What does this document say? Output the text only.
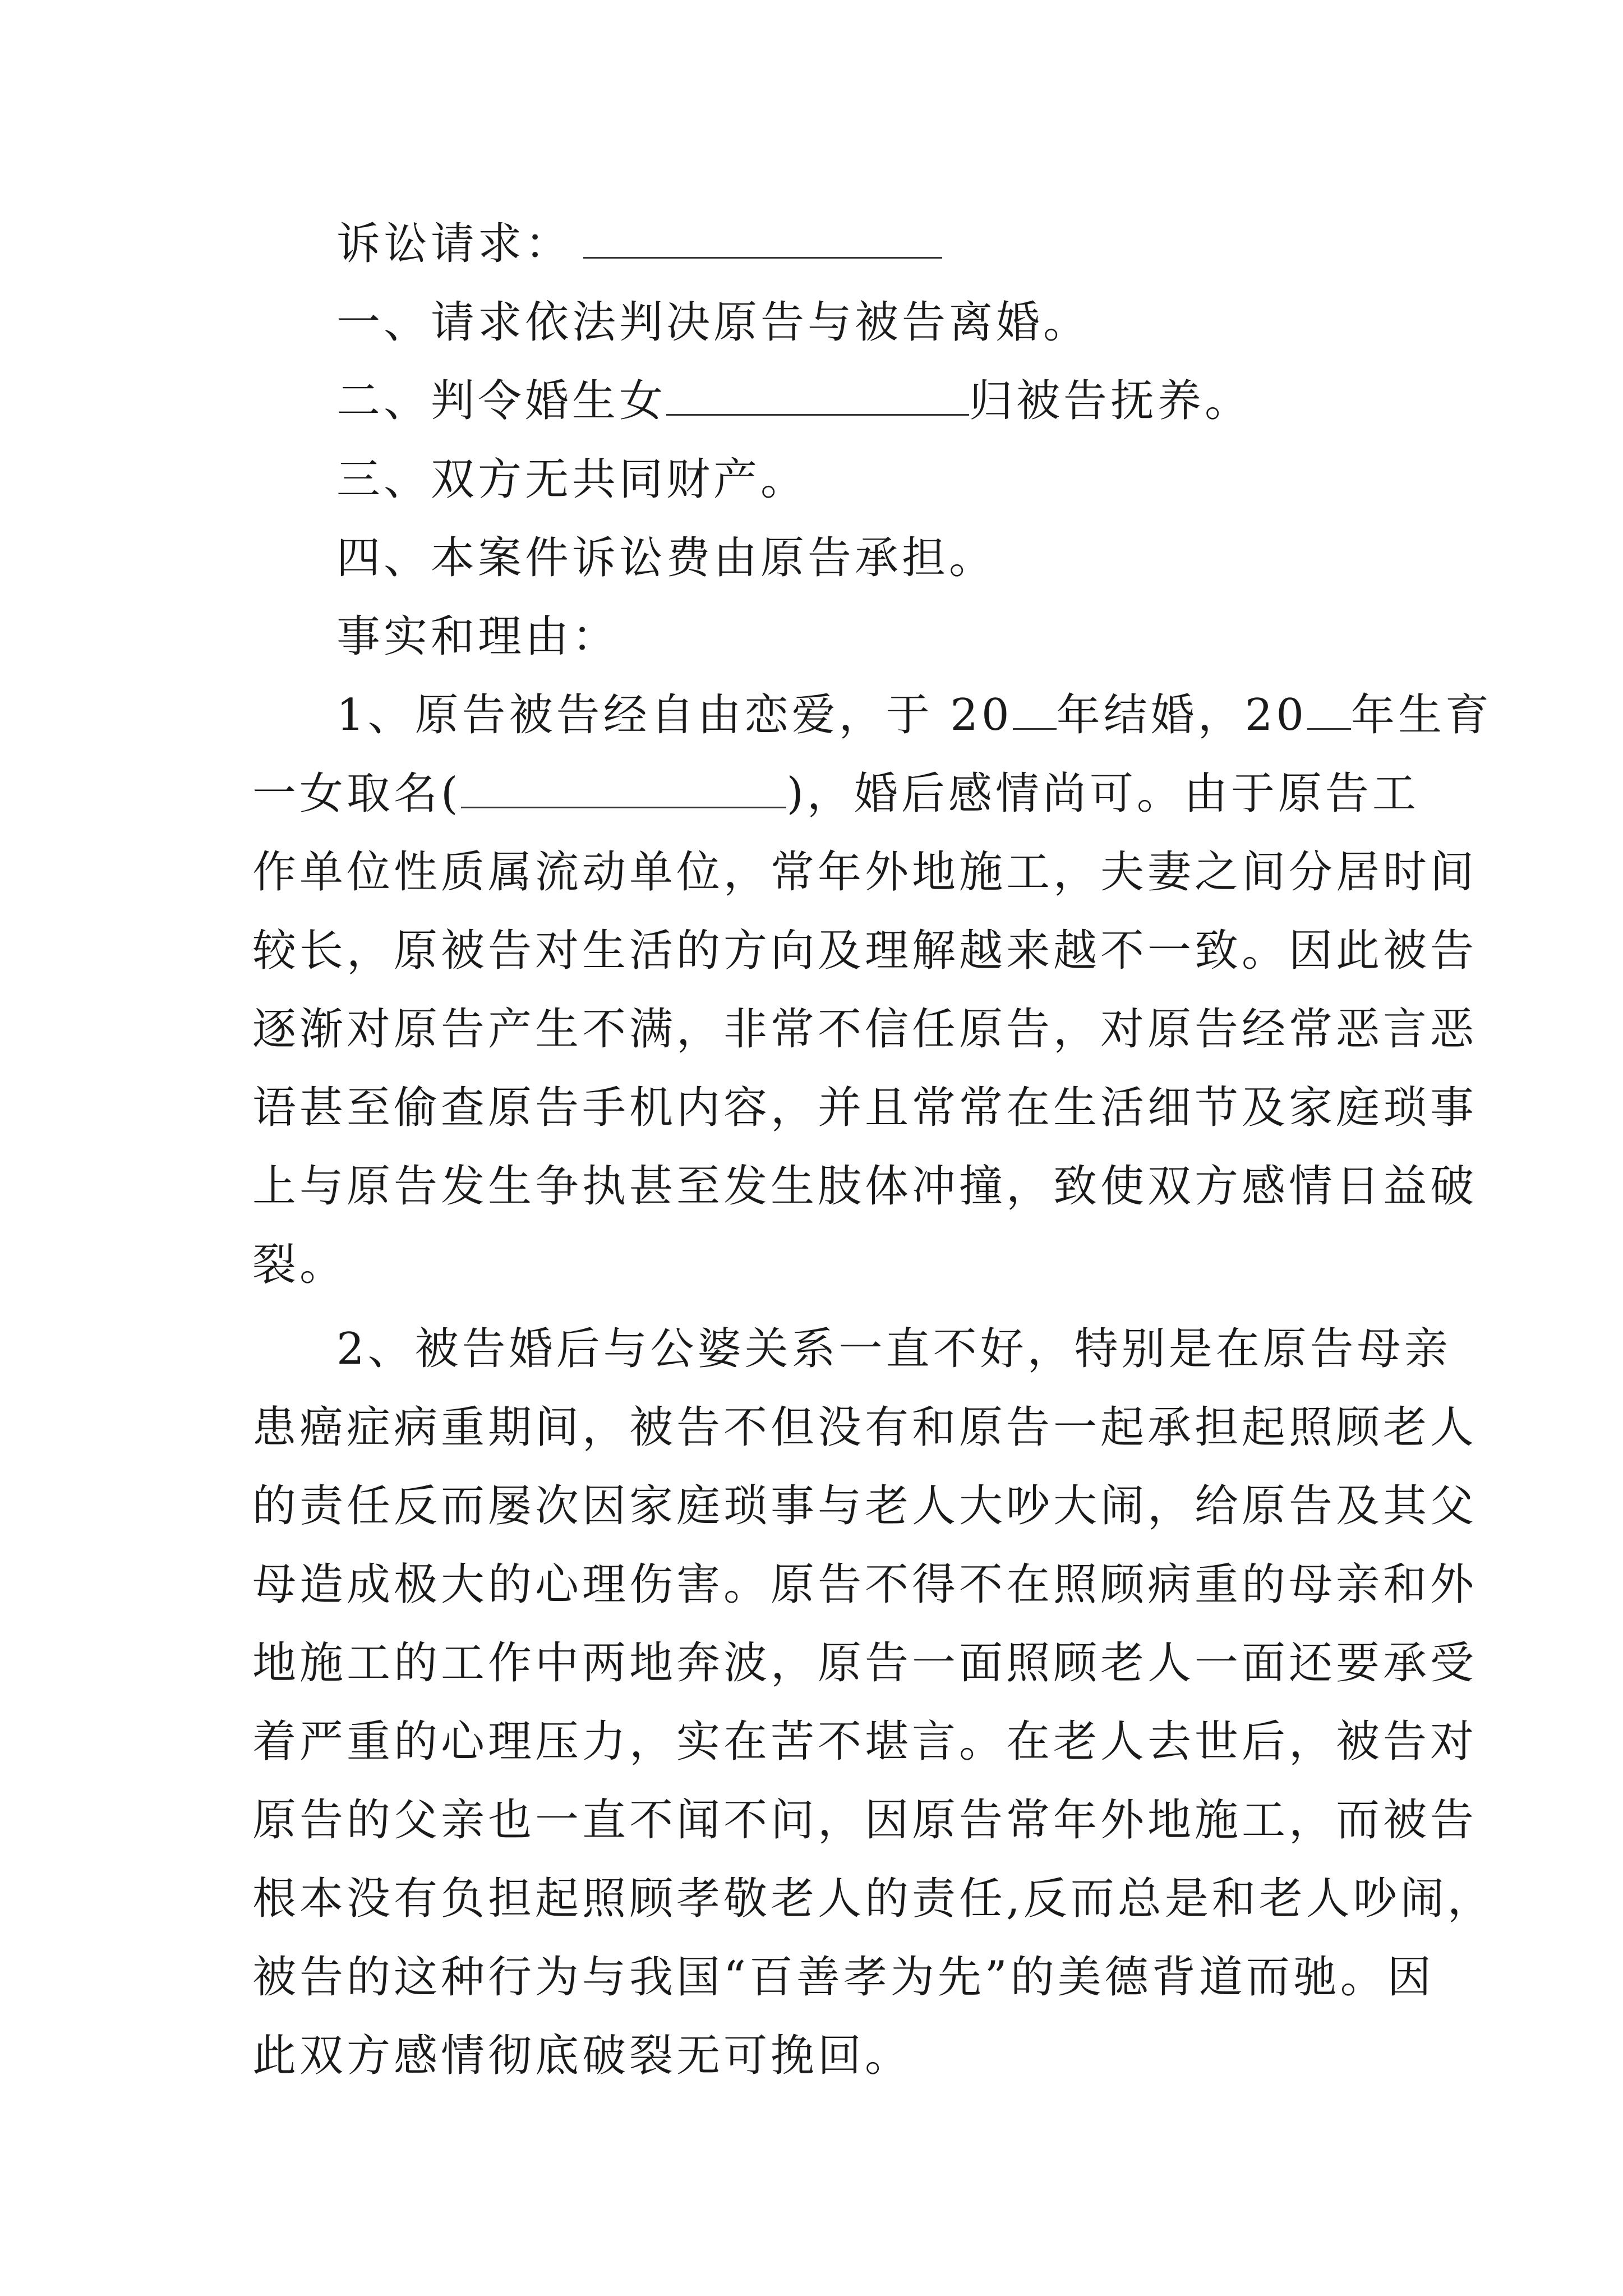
诉讼请求：
一、请求依法判决原告与被告离婚。
二、判令婚生女	归被告抚养。
三、双方无共同财产。
四、本案件诉讼费由原告承担。
事实和理由：
1、原告被告经自由恋爱，于 20 年结婚，20 年生育
一女取名(	)，婚后感情尚可。由于原告工
作单位性质属流动单位，常年外地施工，夫妻之间分居时间
较长，原被告对生活的方向及理解越来越不一致。因此被告
逐渐对原告产生不满，非常不信任原告，对原告经常恶言恶
语甚至偷查原告手机内容，并且常常在生活细节及家庭琐事
上与原告发生争执甚至发生肢体冲撞，致使双方感情日益破
裂。
2、被告婚后与公婆关系一直不好，特别是在原告母亲
患癌症病重期间，被告不但没有和原告一起承担起照顾老人
的责任反而屡次因家庭琐事与老人大吵大闹，给原告及其父
母造成极大的心理伤害。原告不得不在照顾病重的母亲和外
地施工的工作中两地奔波，原告一面照顾老人一面还要承受
着严重的心理压力，实在苦不堪言。在老人去世后，被告对
原告的父亲也一直不闻不问，因原告常年外地施工，而被告
根本没有负担起照顾孝敬老人的责任,反而总是和老人吵闹，
被告的这种行为与我国“百善孝为先”的美德背道而驰。因
此双方感情彻底破裂无可挽回。
